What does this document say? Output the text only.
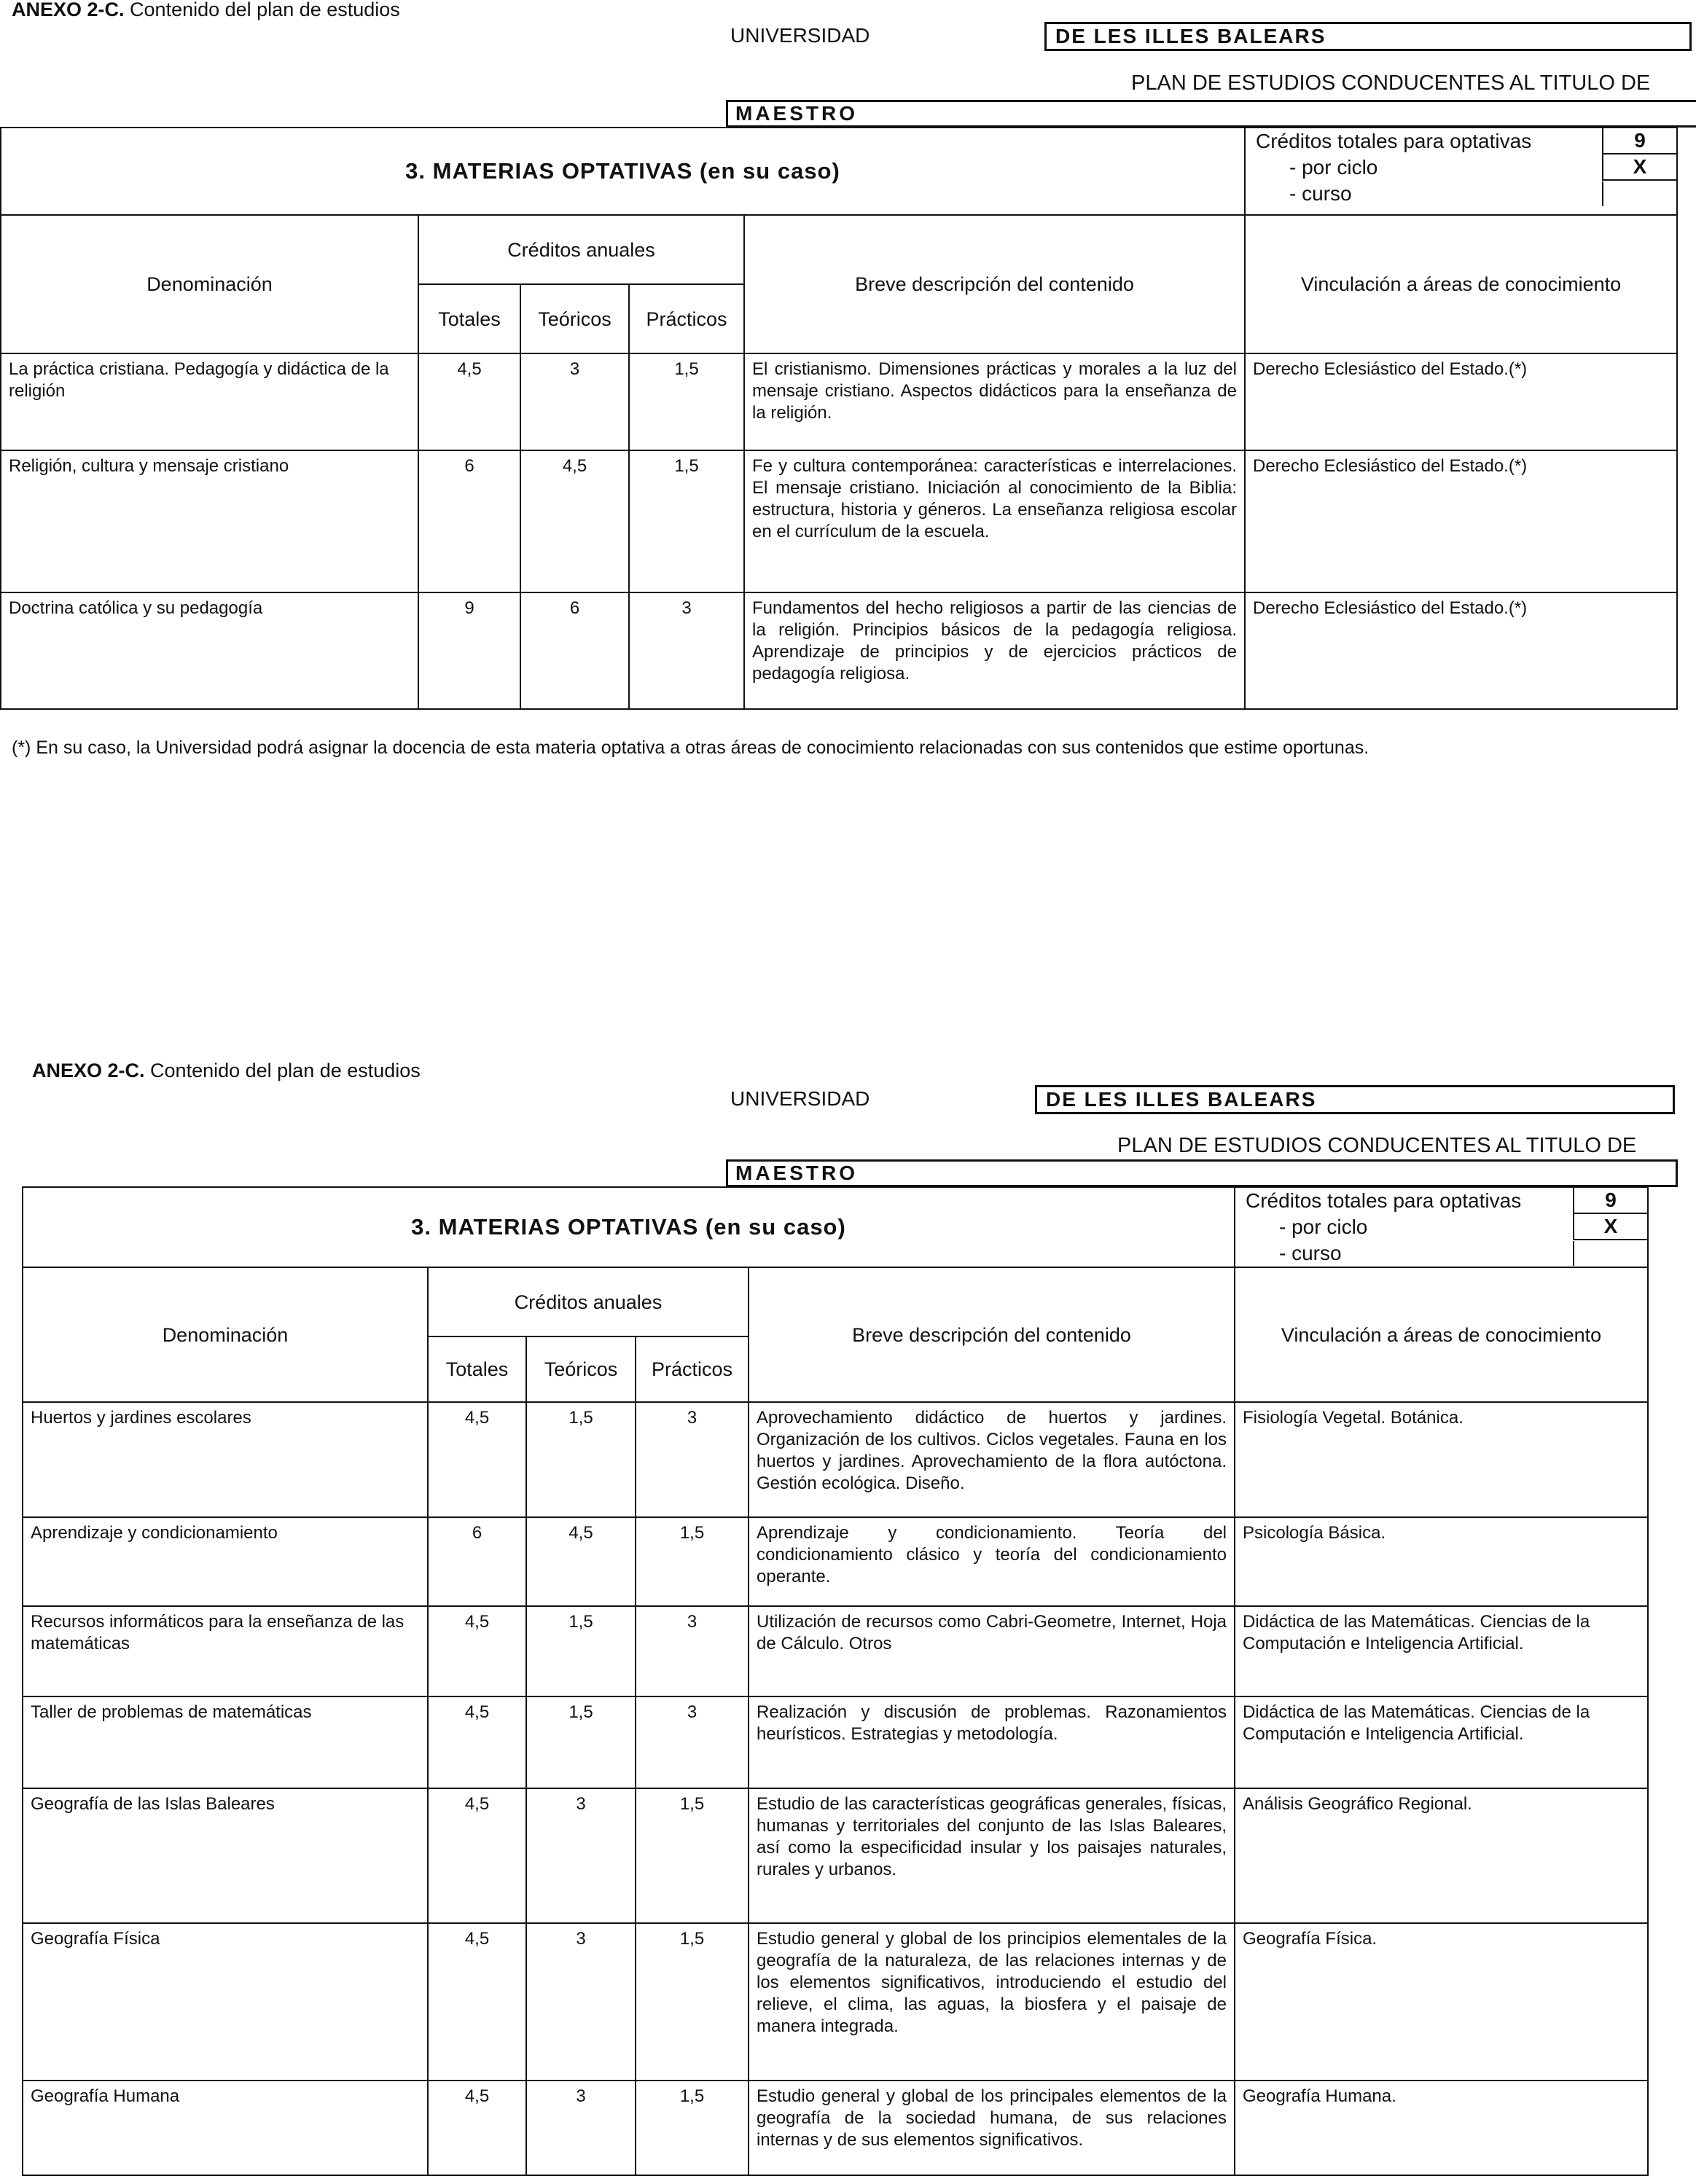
ANEXO 2-C. Contenido del plan de estudios
UNIVERSIDAD	DE LES ILLES BALEARS
PLAN DE ESTUDIOS CONDUCENTES AL TITULO DE
MAESTRO
3. MATERIAS OPTATIVAS (en su caso)					Créditos totales para optativas 9
- por ciclo X
- curso

Denominación	Créditos anuales			Breve descripción del contenido	Vinculación a áreas de conocimiento
	Totales	Teóricos	Prácticos		
La práctica cristiana. Pedagogía y didáctica de la religión	4,5	3	1,5	El cristianismo. Dimensiones prácticas y morales a la luz del mensaje cristiano. Aspectos didácticos para la enseñanza de la religión.	Derecho Eclesiástico del Estado.(*)
Religión, cultura y mensaje cristiano	6	4,5	1,5	Fe y cultura contemporánea: características e interrelaciones. El mensaje cristiano. Iniciación al conocimiento de la Biblia: estructura, historia y géneros. La enseñanza religiosa escolar en el currículum de la escuela.	Derecho Eclesiástico del Estado.(*)
Doctrina católica y su pedagogía	9	6	3	Fundamentos del hecho religiosos a partir de las ciencias de la religión. Principios básicos de la pedagogía religiosa. Aprendizaje de principios y de ejercicios prácticos de pedagogía religiosa.	Derecho Eclesiástico del Estado.(*)
(*) En su caso, la Universidad podrá asignar la docencia de esta materia optativa a otras áreas de conocimiento relacionadas con sus contenidos que estime oportunas.
ANEXO 2-C. Contenido del plan de estudios
UNIVERSIDAD	DE LES ILLES BALEARS
PLAN DE ESTUDIOS CONDUCENTES AL TITULO DE
MAESTRO
3. MATERIAS OPTATIVAS (en su caso)					Créditos totales para optativas 9
- por ciclo X
- curso

Denominación	Créditos anuales			Breve descripción del contenido	Vinculación a áreas de conocimiento
	Totales	Teóricos	Prácticos		
Huertos y jardines escolares	4,5	1,5	3	Aprovechamiento didáctico de huertos y jardines. Organización de los cultivos. Ciclos vegetales. Fauna en los huertos y jardines. Aprovechamiento de la flora autóctona. Gestión ecológica. Diseño.	Fisiología Vegetal. Botánica.
Aprendizaje y condicionamiento	6	4,5	1,5	Aprendizaje y condicionamiento. Teoría del condicionamiento clásico y teoría del condicionamiento operante.	Psicología Básica.
Recursos informáticos para la enseñanza de las matemáticas	4,5	1,5	3	Utilización de recursos como Cabri-Geometre, Internet, Hoja de Cálculo. Otros	Didáctica de las Matemáticas. Ciencias de la Computación e Inteligencia Artificial.
Taller de problemas de matemáticas	4,5	1,5	3	Realización y discusión de problemas. Razonamientos heurísticos. Estrategias y metodología.	Didáctica de las Matemáticas. Ciencias de la Computación e Inteligencia Artificial.
Geografía de las Islas Baleares	4,5	3	1,5	Estudio de las características geográficas generales, físicas, humanas y territoriales del conjunto de las Islas Baleares, así como la especificidad insular y los paisajes naturales, rurales y urbanos.	Análisis Geográfico Regional.
Geografía Física	4,5	3	1,5	Estudio general y global de los principios elementales de la geografía de la naturaleza, de las relaciones internas y de los elementos significativos, introduciendo el estudio del relieve, el clima, las aguas, la biosfera y el paisaje de manera integrada.	Geografía Física.
Geografía Humana	4,5	3	1,5	Estudio general y global de los principales elementos de la geografía de la sociedad humana, de sus relaciones internas y de sus elementos significativos.	Geografía Humana.
